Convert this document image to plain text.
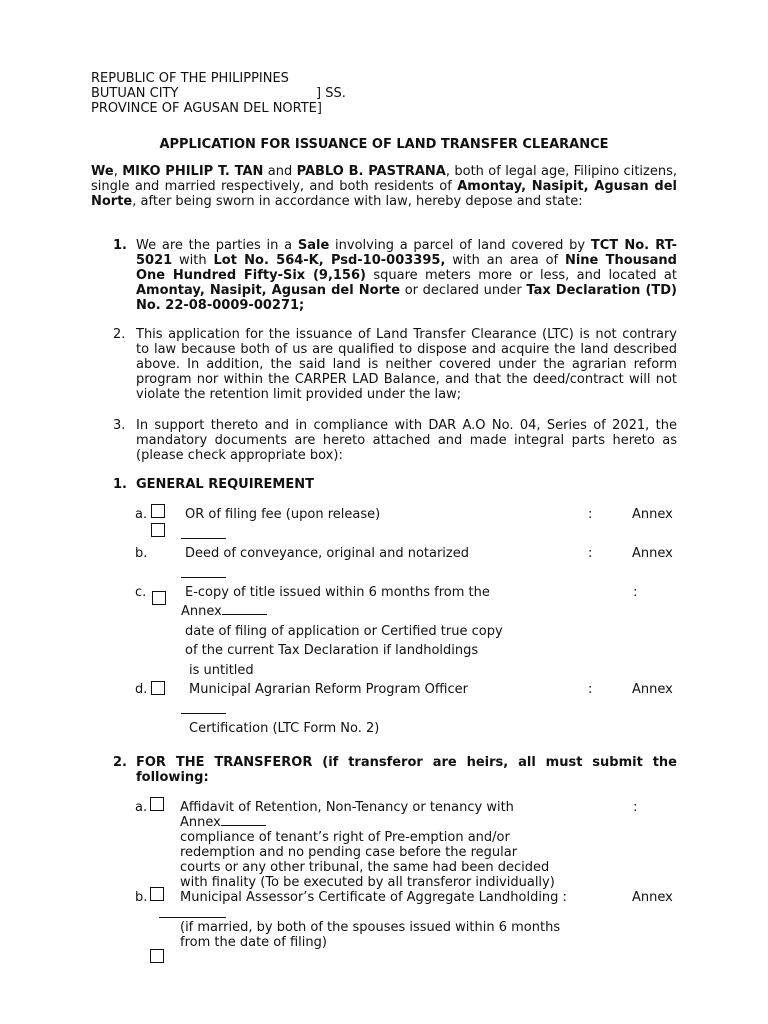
REPUBLIC OF THE PHILIPPINES
BUTUAN CITY	] SS.
PROVINCE OF AGUSAN DEL NORTE]
APPLICATION FOR ISSUANCE OF LAND TRANSFER CLEARANCE
We, MIKO PHILIP T. TAN and PABLO B. PASTRANA, both of legal age, Filipino citizens, single and married respectively, and both residents of Amontay, Nasipit, Agusan del Norte, after being sworn in accordance with law, hereby depose and state:
1. We are the parties in a Sale involving a parcel of land covered by TCT No. RT-5021 with Lot No. 564-K, Psd-10-003395, with an area of Nine Thousand One Hundred Fifty-Six (9,156) square meters more or less, and located at Amontay, Nasipit, Agusan del Norte or declared under Tax Declaration (TD) No. 22-08-0009-00271;
2. This application for the issuance of Land Transfer Clearance (LTC) is not contrary to law because both of us are qualified to dispose and acquire the land described above. In addition, the said land is neither covered under the agrarian reform program nor within the CARPER LAD Balance, and that the deed/contract will not violate the retention limit provided under the law;
3. In support thereto and in compliance with DAR A.O No. 04, Series of 2021, the mandatory documents are hereto attached and made integral parts hereto as (please check appropriate box):
1. GENERAL REQUIREMENT
a.	OR of filing fee (upon release)	:	Annex
b.	Deed of conveyance, original and notarized	:	Annex
c.	E-copy of title issued within 6 months from the	:
Annex
date of filing of application or Certified true copy
of the current Tax Declaration if landholdings
is untitled
d.	Municipal Agrarian Reform Program Officer	:	Annex
Certification (LTC Form No. 2)
2. FOR THE TRANSFEROR (if transferor are heirs, all must submit the following:
a.	Affidavit of Retention, Non-Tenancy or tenancy with	:
Annex
compliance of tenant’s right of Pre-emption and/or
redemption and no pending case before the regular
courts or any other tribunal, the same had been decided
with finality (To be executed by all transferor individually)
b.	Municipal Assessor’s Certificate of Aggregate Landholding :	Annex
(if married, by both of the spouses issued within 6 months
from the date of filing)
